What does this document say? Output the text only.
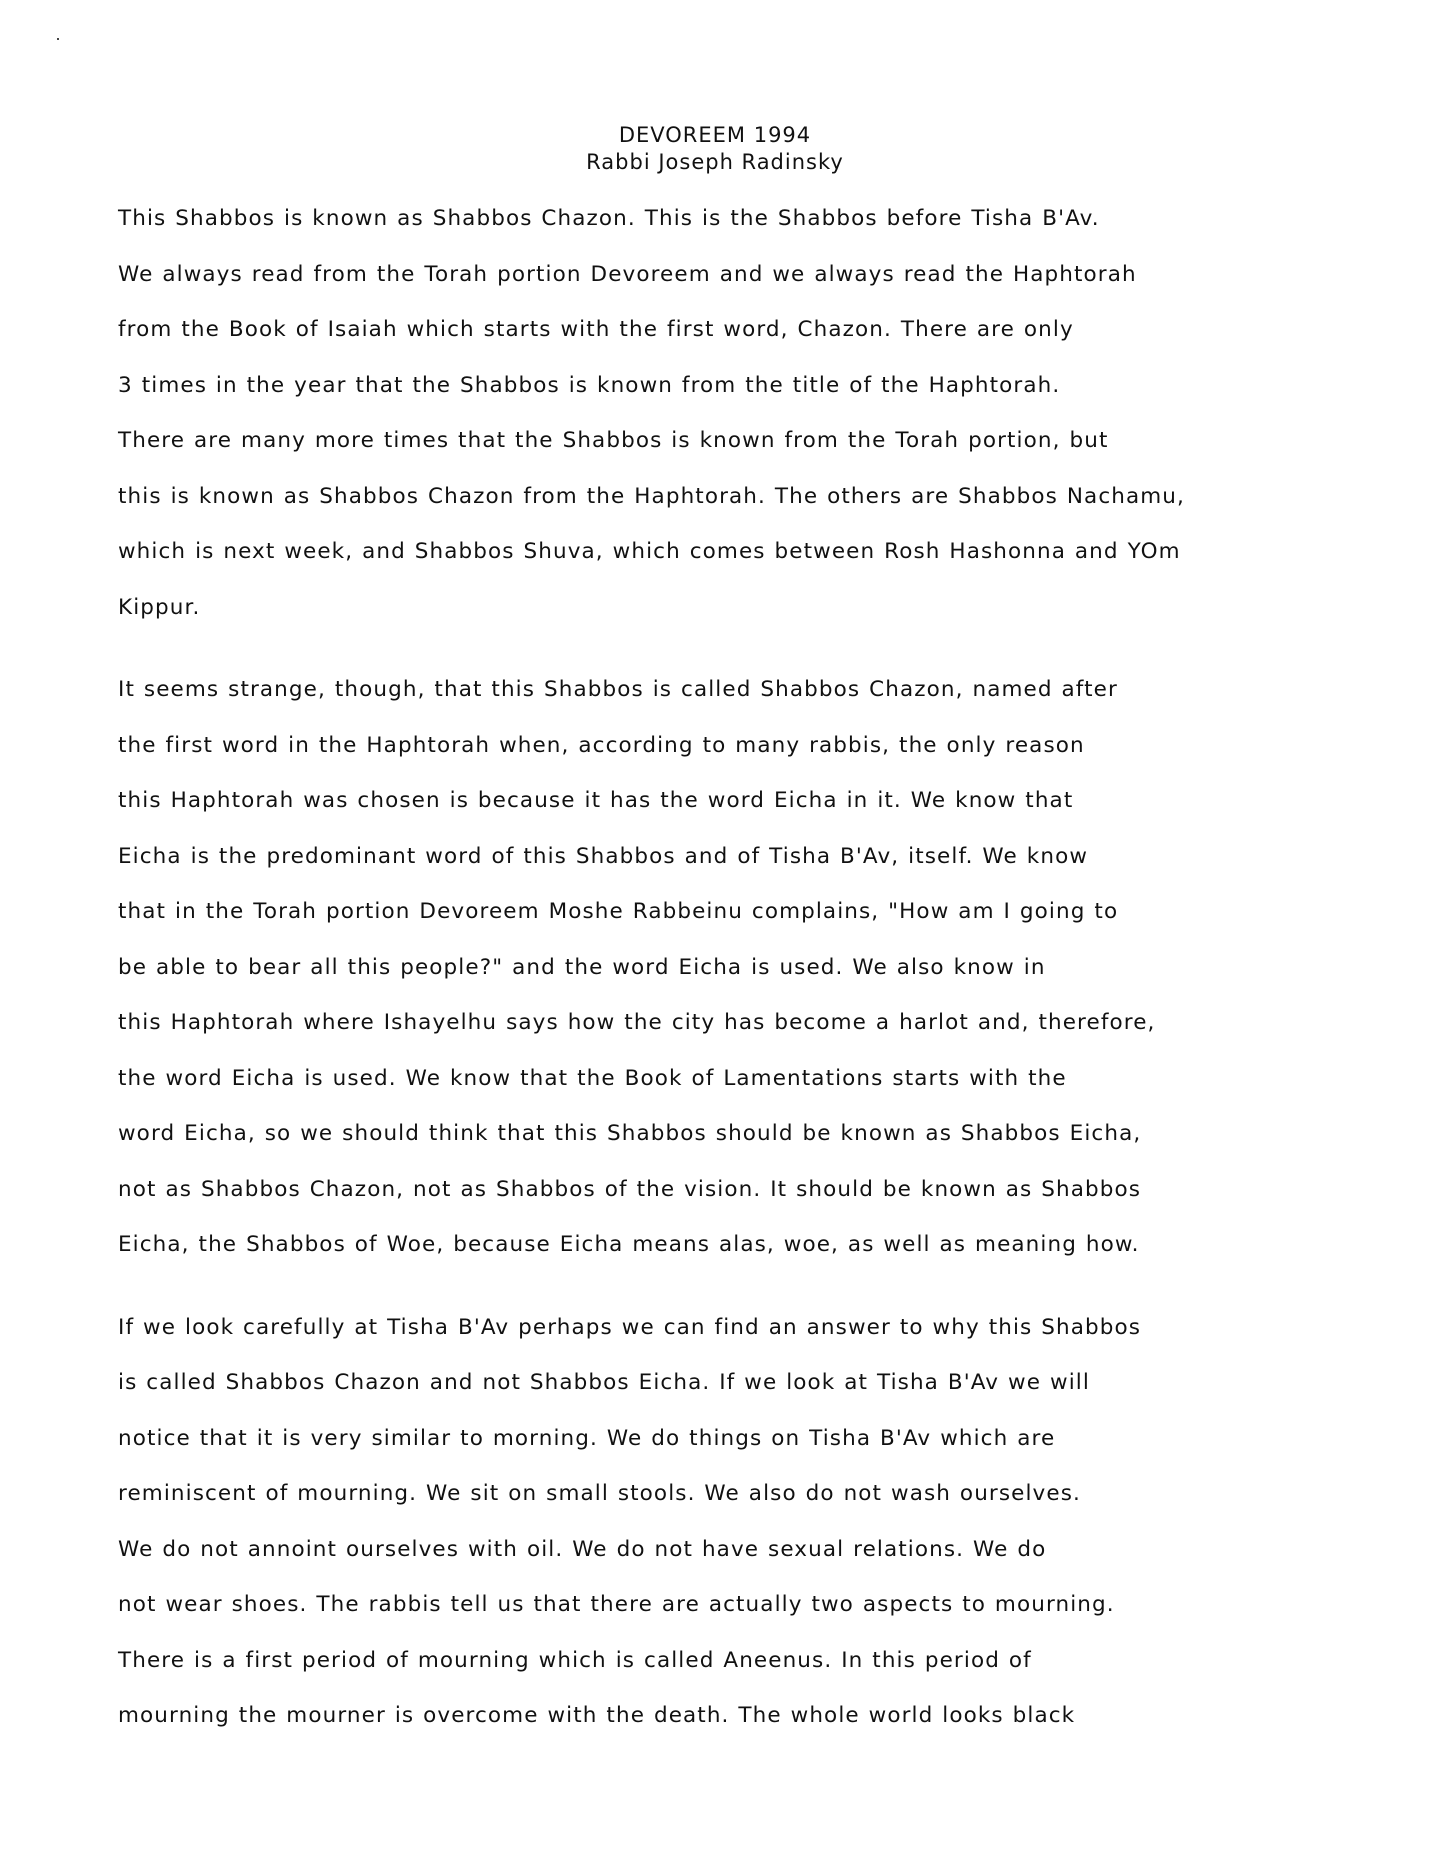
DEVOREEM 1994
Rabbi Joseph Radinsky
This Shabbos is known as Shabbos Chazon. This is the Shabbos before Tisha B'Av.
We always read from the Torah portion Devoreem and we always read the Haphtorah
from the Book of Isaiah which starts with the first word, Chazon. There are only
3 times in the year that the Shabbos is known from the title of the Haphtorah.
There are many more times that the Shabbos is known from the Torah portion, but
this is known as Shabbos Chazon from the Haphtorah. The others are Shabbos Nachamu,
which is next week, and Shabbos Shuva, which comes between Rosh Hashonna and YOm
Kippur.
It seems strange, though, that this Shabbos is called Shabbos Chazon, named after
the first word in the Haphtorah when, according to many rabbis, the only reason
this Haphtorah was chosen is because it has the word Eicha in it. We know that
Eicha is the predominant word of this Shabbos and of Tisha B'Av, itself. We know
that in the Torah portion Devoreem Moshe Rabbeinu complains, "How am I going to
be able to bear all this people?" and the word Eicha is used. We also know in
this Haphtorah where Ishayelhu says how the city has become a harlot and, therefore,
the word Eicha is used. We know that the Book of Lamentations starts with the
word Eicha, so we should think that this Shabbos should be known as Shabbos Eicha,
not as Shabbos Chazon, not as Shabbos of the vision. It should be known as Shabbos
Eicha, the Shabbos of Woe, because Eicha means alas, woe, as well as meaning how.
If we look carefully at Tisha B'Av perhaps we can find an answer to why this Shabbos
is called Shabbos Chazon and not Shabbos Eicha. If we look at Tisha B'Av we will
notice that it is very similar to morning. We do things on Tisha B'Av which are
reminiscent of mourning. We sit on small stools. We also do not wash ourselves.
We do not annoint ourselves with oil. We do not have sexual relations. We do
not wear shoes. The rabbis tell us that there are actually two aspects to mourning.
There is a first period of mourning which is called Aneenus. In this period of
mourning the mourner is overcome with the death. The whole world looks black
